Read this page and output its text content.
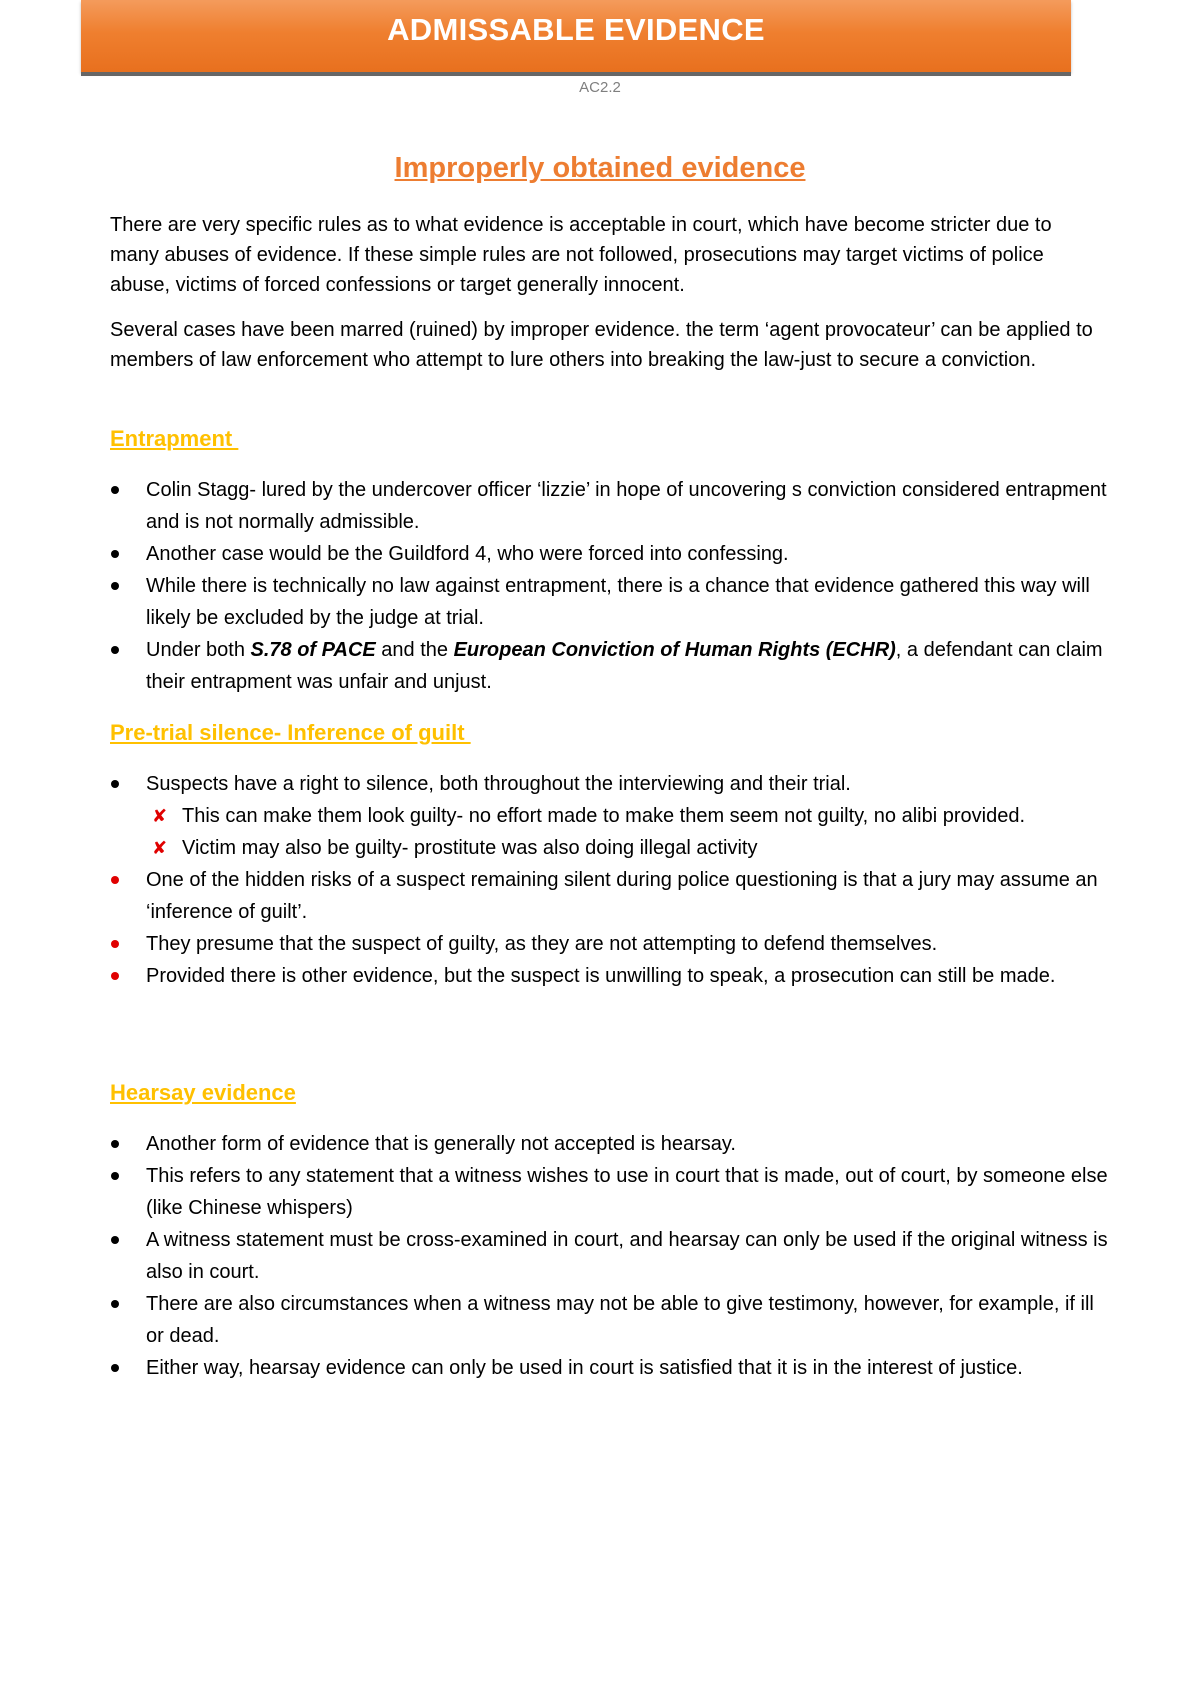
ADMISSABLE EVIDENCE
AC2.2
Improperly obtained evidence

There are very specific rules as to what evidence is acceptable in court, which have become stricter due to many abuses of evidence. If these simple rules are not followed, prosecutions may target victims of police abuse, victims of forced confessions or target generally innocent.

Several cases have been marred (ruined) by improper evidence. the term ‘agent provocateur’ can be applied to members of law enforcement who attempt to lure others into breaking the law-just to secure a conviction.

Entrapment
Colin Stagg- lured by the undercover officer ‘lizzie’ in hope of uncovering s conviction considered entrapment and is not normally admissible.
Another case would be the Guildford 4, who were forced into confessing.
While there is technically no law against entrapment, there is a chance that evidence gathered this way will likely be excluded by the judge at trial.
Under both S.78 of PACE and the European Conviction of Human Rights (ECHR), a defendant can claim their entrapment was unfair and unjust.
Pre-trial silence- Inference of guilt
Suspects have a right to silence, both throughout the interviewing and their trial.
✘ This can make them look guilty- no effort made to make them seem not guilty, no alibi provided.
✘ Victim may also be guilty- prostitute was also doing illegal activity
One of the hidden risks of a suspect remaining silent during police questioning is that a jury may assume an ‘inference of guilt’.
They presume that the suspect of guilty, as they are not attempting to defend themselves.
Provided there is other evidence, but the suspect is unwilling to speak, a prosecution can still be made.
Hearsay evidence
Another form of evidence that is generally not accepted is hearsay.
This refers to any statement that a witness wishes to use in court that is made, out of court, by someone else (like Chinese whispers)
A witness statement must be cross-examined in court, and hearsay can only be used if the original witness is also in court.
There are also circumstances when a witness may not be able to give testimony, however, for example, if ill or dead.
Either way, hearsay evidence can only be used in court is satisfied that it is in the interest of justice.
